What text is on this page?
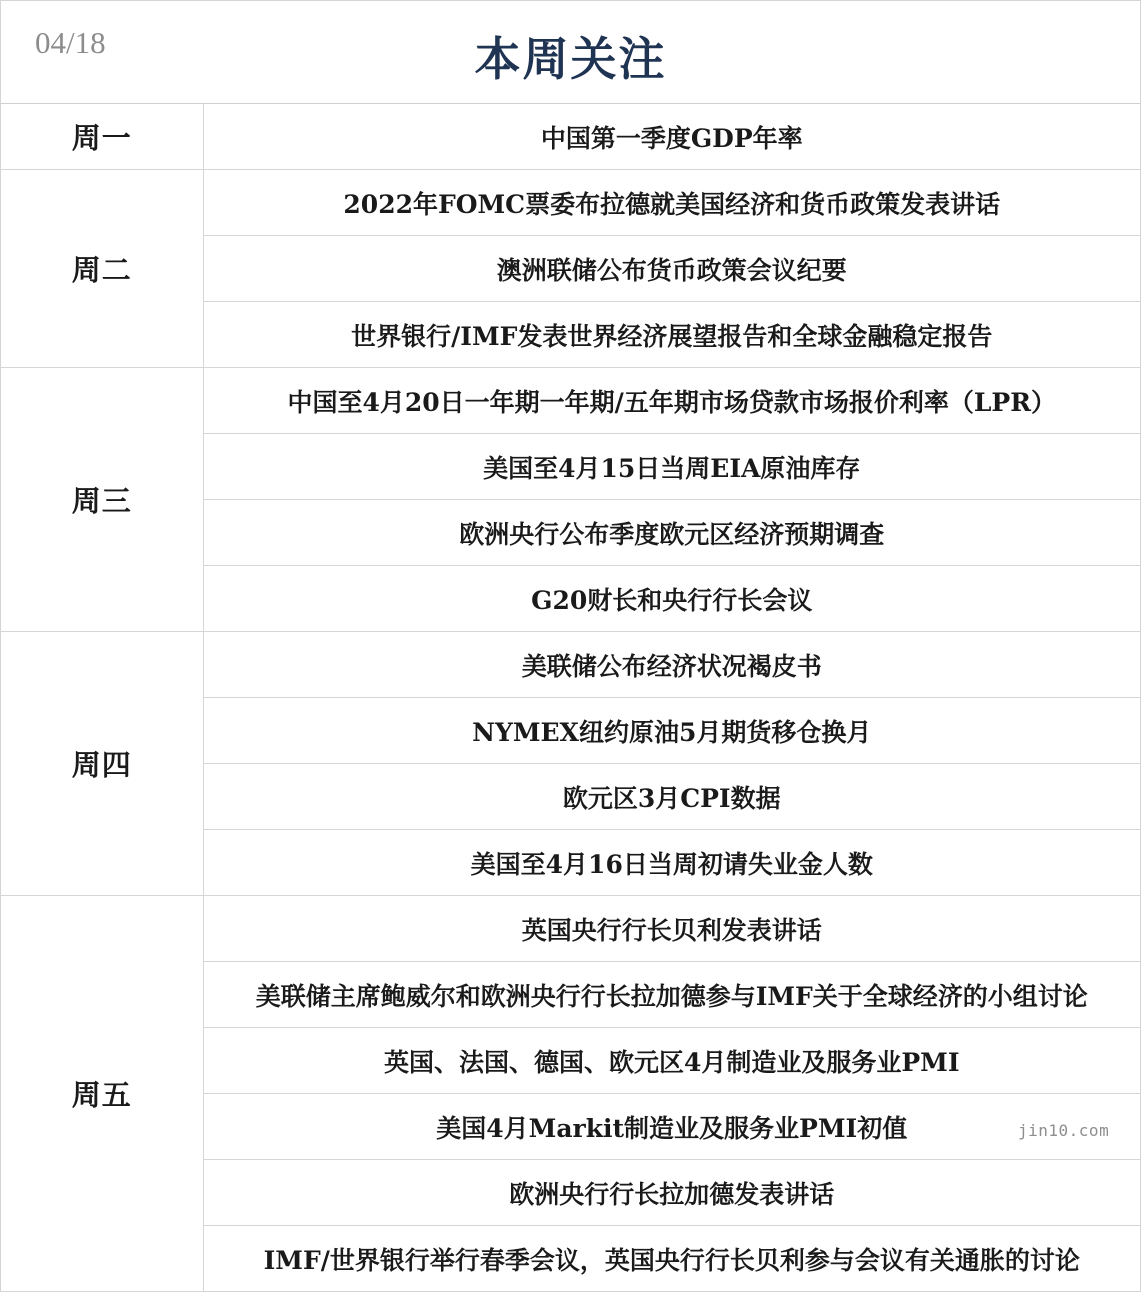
04/18	本周关注
周一	中国第一季度GDP年率
周二	2022年FOMC票委布拉德就美国经济和货币政策发表讲话
	澳洲联储公布货币政策会议纪要
	世界银行/IMF发表世界经济展望报告和全球金融稳定报告
周三	中国至4月20日一年期一年期/五年期市场贷款市场报价利率（LPR）
	美国至4月15日当周EIA原油库存
	欧洲央行公布季度欧元区经济预期调查
	G20财长和央行行长会议
周四	美联储公布经济状况褐皮书
	NYMEX纽约原油5月期货移仓换月
	欧元区3月CPI数据
	美国至4月16日当周初请失业金人数
周五	英国央行行长贝利发表讲话
	美联储主席鲍威尔和欧洲央行行长拉加德参与IMF关于全球经济的小组讨论
	英国、法国、德国、欧元区4月制造业及服务业PMI
	美国4月Markit制造业及服务业PMI初值
	欧洲央行行长拉加德发表讲话
	IMF/世界银行举行春季会议，英国央行行长贝利参与会议有关通胀的讨论
jin10.com
